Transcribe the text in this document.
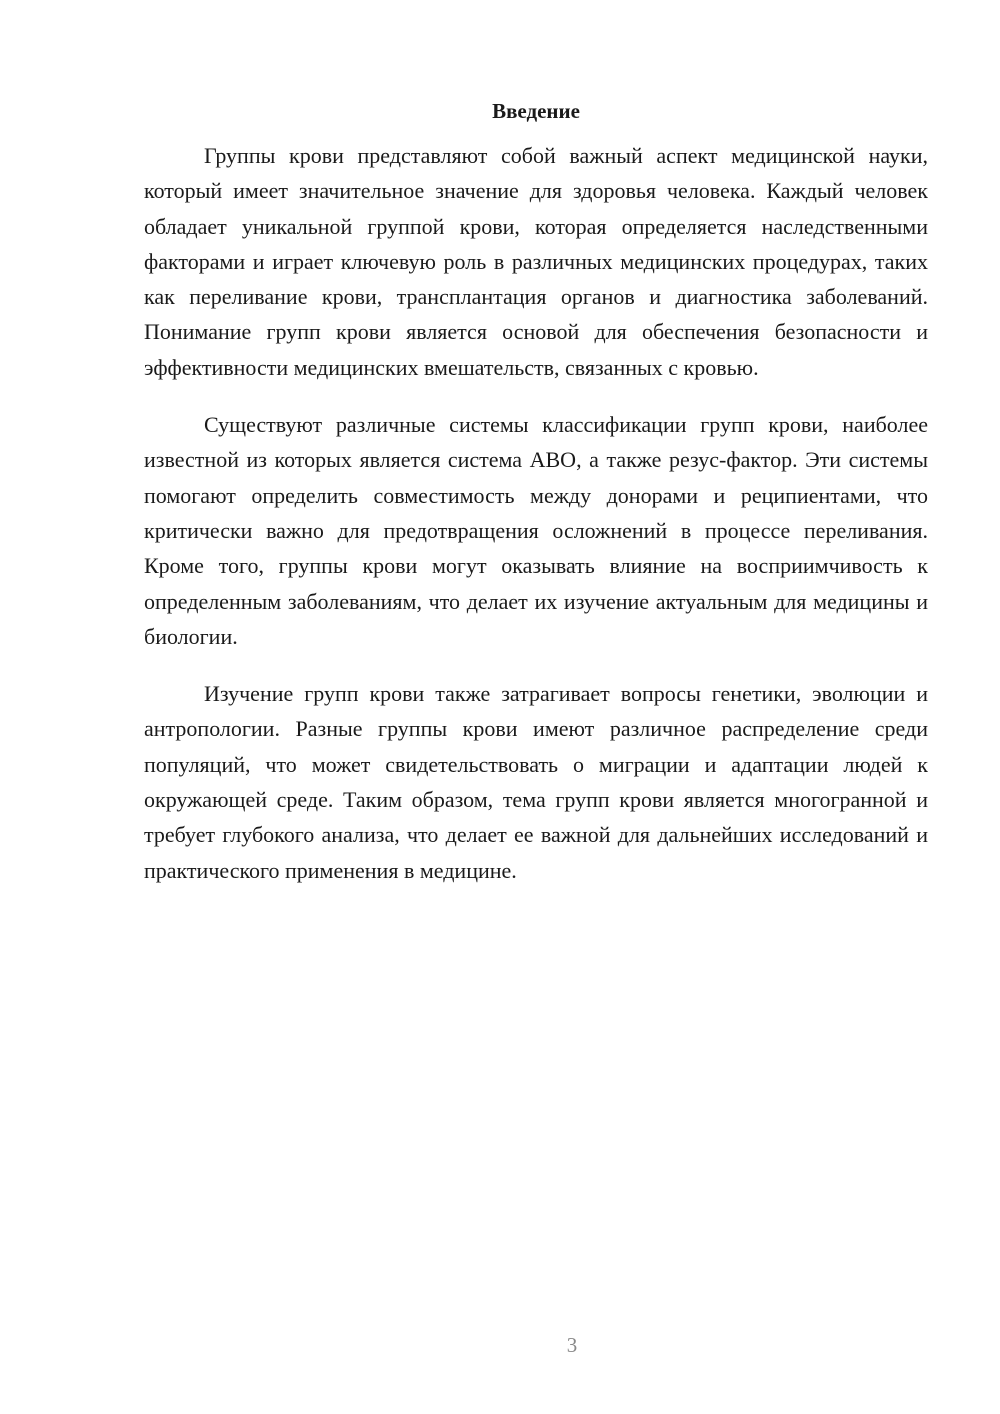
Введение

Группы крови представляют собой важный аспект медицинской науки, который имеет значительное значение для здоровья человека. Каждый человек обладает уникальной группой крови, которая определяется наследственными факторами и играет ключевую роль в различных медицинских процедурах, таких как переливание крови, трансплантация органов и диагностика заболеваний. Понимание групп крови является основой для обеспечения безопасности и эффективности медицинских вмешательств, связанных с кровью.

Существуют различные системы классификации групп крови, наиболее известной из которых является система ABO, а также резус-фактор. Эти системы помогают определить совместимость между донорами и реципиентами, что критически важно для предотвращения осложнений в процессе переливания. Кроме того, группы крови могут оказывать влияние на восприимчивость к определенным заболеваниям, что делает их изучение актуальным для медицины и биологии.

Изучение групп крови также затрагивает вопросы генетики, эволюции и антропологии. Разные группы крови имеют различное распределение среди популяций, что может свидетельствовать о миграции и адаптации людей к окружающей среде. Таким образом, тема групп крови является многогранной и требует глубокого анализа, что делает ее важной для дальнейших исследований и практического применения в медицине.

3
